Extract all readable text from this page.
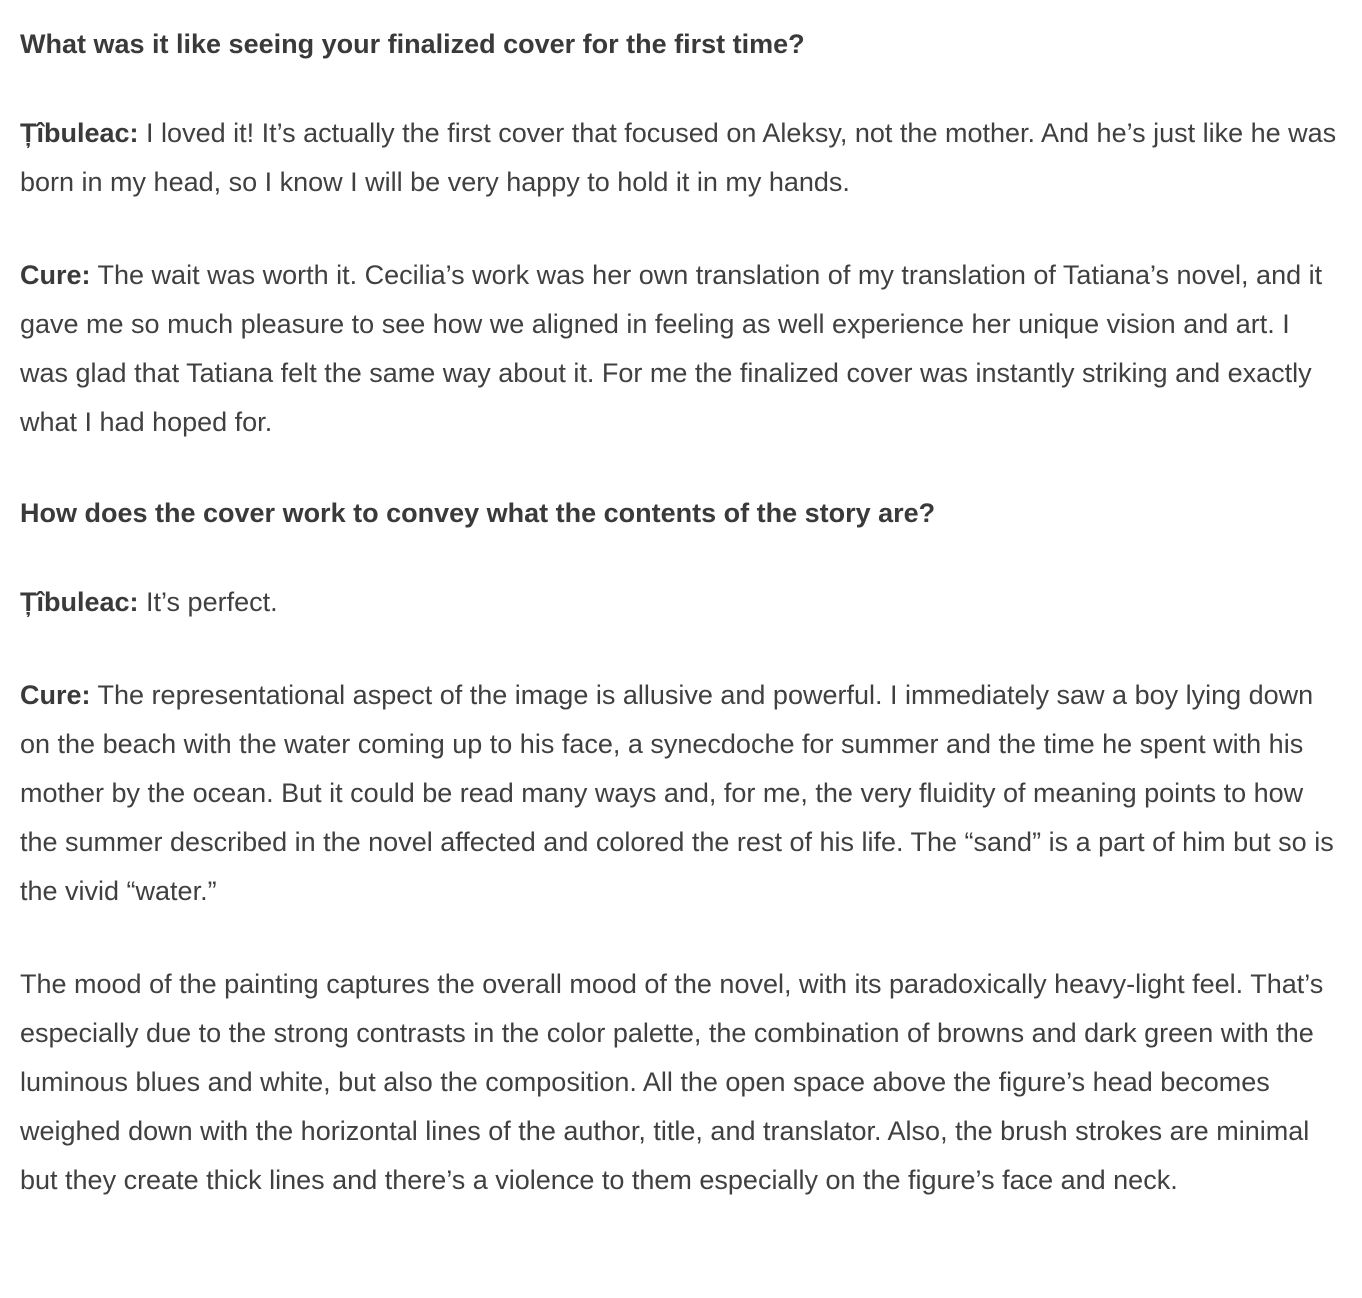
What was it like seeing your finalized cover for the first time?

Țîbuleac: I loved it! It’s actually the first cover that focused on Aleksy, not the mother. And he’s just like he was born in my head, so I know I will be very happy to hold it in my hands.

Cure: The wait was worth it. Cecilia’s work was her own translation of my translation of Tatiana’s novel, and it gave me so much pleasure to see how we aligned in feeling as well experience her unique vision and art. I was glad that Tatiana felt the same way about it. For me the finalized cover was instantly striking and exactly what I had hoped for.

How does the cover work to convey what the contents of the story are?

Țîbuleac: It’s perfect.

Cure: The representational aspect of the image is allusive and powerful. I immediately saw a boy lying down on the beach with the water coming up to his face, a synecdoche for summer and the time he spent with his mother by the ocean. But it could be read many ways and, for me, the very fluidity of meaning points to how the summer described in the novel affected and colored the rest of his life. The “sand” is a part of him but so is the vivid “water.”

The mood of the painting captures the overall mood of the novel, with its paradoxically heavy-light feel. That’s especially due to the strong contrasts in the color palette, the combination of browns and dark green with the luminous blues and white, but also the composition. All the open space above the figure’s head becomes weighed down with the horizontal lines of the author, title, and translator. Also, the brush strokes are minimal but they create thick lines and there’s a violence to them especially on the figure’s face and neck.
